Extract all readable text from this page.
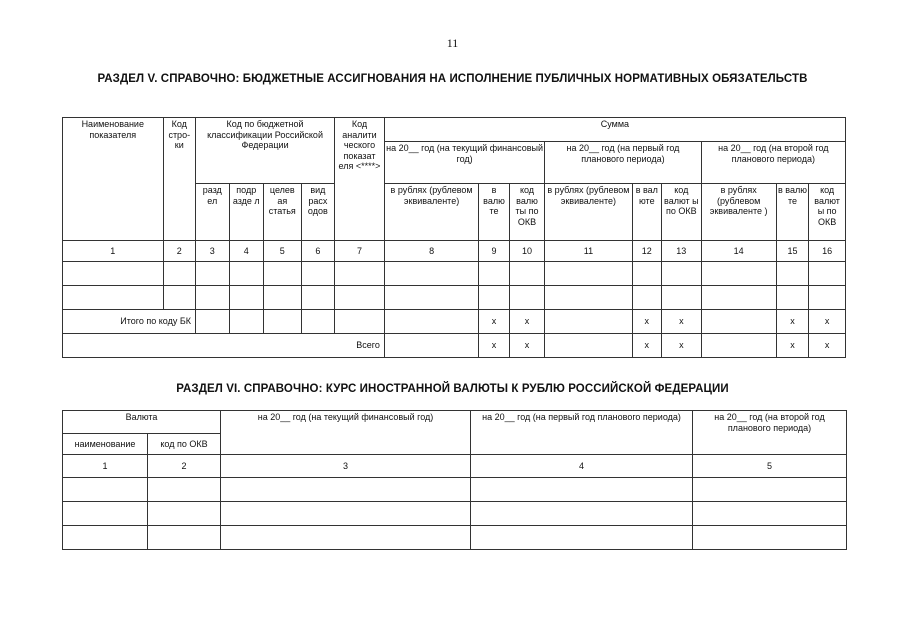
11
РАЗДЕЛ V. СПРАВОЧНО: БЮДЖЕТНЫЕ АССИГНОВАНИЯ НА ИСПОЛНЕНИЕ ПУБЛИЧНЫХ НОРМАТИВНЫХ ОБЯЗАТЕЛЬСТВ
Наименование показателя	Код стро-ки	Код по бюджетной классификации Российской Федерации				Код аналити ческого показат еля <****>	Сумма								
							на 20__ год (на текущий финансовый год)			на 20__ год (на первый год планового периода)			на 20__ год (на второй год планового периода)		
		разд ел	подр азде л	целев ая статья	вид расх одов		в рублях (рублевом эквиваленте)	в валю те	код валю ты по ОКВ	в рублях (рублевом эквиваленте)	в вал юте	код валют ы по ОКВ	в рублях (рублевом эквиваленте )	в валю те	код валют ы по ОКВ
1	2	3	4	5	6	7	8	9	10	11	12	13	14	15	16

Итого по коду БК								x	x		x	x		x	x
Всего								x	x		x	x		x	x
РАЗДЕЛ VI. СПРАВОЧНО: КУРС ИНОСТРАННОЙ ВАЛЮТЫ К РУБЛЮ РОССИЙСКОЙ ФЕДЕРАЦИИ
Валюта		на 20__ год (на текущий финансовый год)	на 20__ год (на первый год планового периода)	на 20__ год (на второй год планового периода)
наименование	код по ОКВ			
1	2	3	4	5
